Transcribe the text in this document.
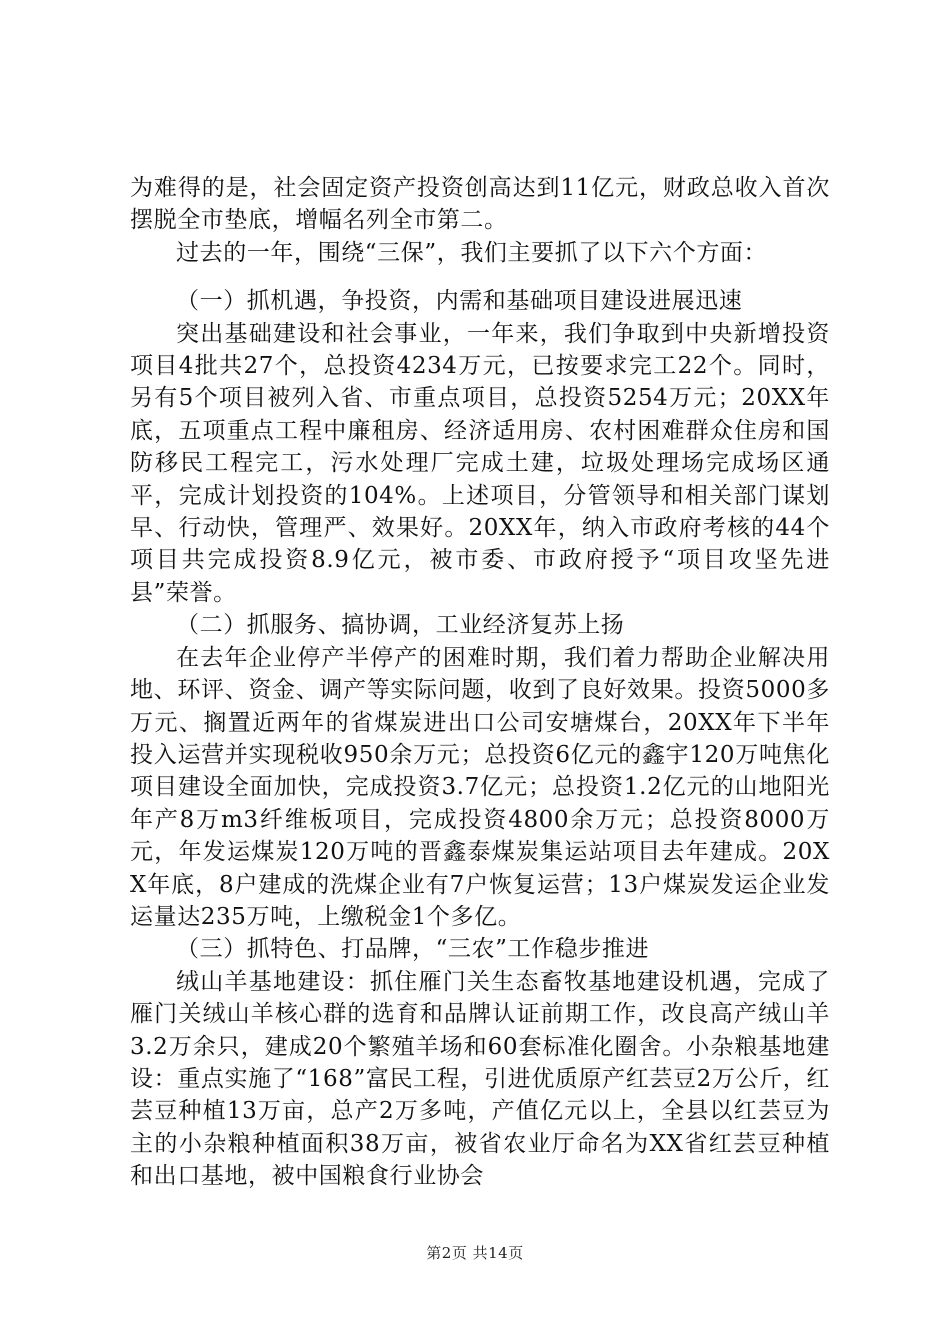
为难得的是，社会固定资产投资创高达到11亿元，财政总收入首次摆脱全市垫底，增幅名列全市第二。

过去的一年，围绕“三保”，我们主要抓了以下六个方面：

（一）抓机遇，争投资，内需和基础项目建设进展迅速

突出基础建设和社会事业，一年来，我们争取到中央新增投资项目4批共27个，总投资4234万元，已按要求完工22个。同时，另有5个项目被列入省、市重点项目，总投资5254万元；20XX年底，五项重点工程中廉租房、经济适用房、农村困难群众住房和国防移民工程完工，污水处理厂完成土建，垃圾处理场完成场区通平，完成计划投资的104%。上述项目，分管领导和相关部门谋划早、行动快，管理严、效果好。20XX年，纳入市政府考核的44个项目共完成投资8.9亿元，被市委、市政府授予“项目攻坚先进县”荣誉。

（二）抓服务、搞协调，工业经济复苏上扬

在去年企业停产半停产的困难时期，我们着力帮助企业解决用地、环评、资金、调产等实际问题，收到了良好效果。投资5000多万元、搁置近两年的省煤炭进出口公司安塘煤台，20XX年下半年投入运营并实现税收950余万元；总投资6亿元的鑫宇120万吨焦化项目建设全面加快，完成投资3.7亿元；总投资1.2亿元的山地阳光年产8万m3纤维板项目，完成投资4800余万元；总投资8000万元，年发运煤炭120万吨的晋鑫泰煤炭集运站项目去年建成。20XX年底，8户建成的洗煤企业有7户恢复运营；13户煤炭发运企业发运量达235万吨，上缴税金1个多亿。

（三）抓特色、打品牌，“三农”工作稳步推进

绒山羊基地建设：抓住雁门关生态畜牧基地建设机遇，完成了雁门关绒山羊核心群的选育和品牌认证前期工作，改良高产绒山羊3.2万余只，建成20个繁殖羊场和60套标准化圈舍。小杂粮基地建设：重点实施了“168”富民工程，引进优质原产红芸豆2万公斤，红芸豆种植13万亩，总产2万多吨，产值亿元以上，全县以红芸豆为主的小杂粮种植面积38万亩，被省农业厅命名为XX省红芸豆种植和出口基地，被中国粮食行业协会

第2页 共14页
